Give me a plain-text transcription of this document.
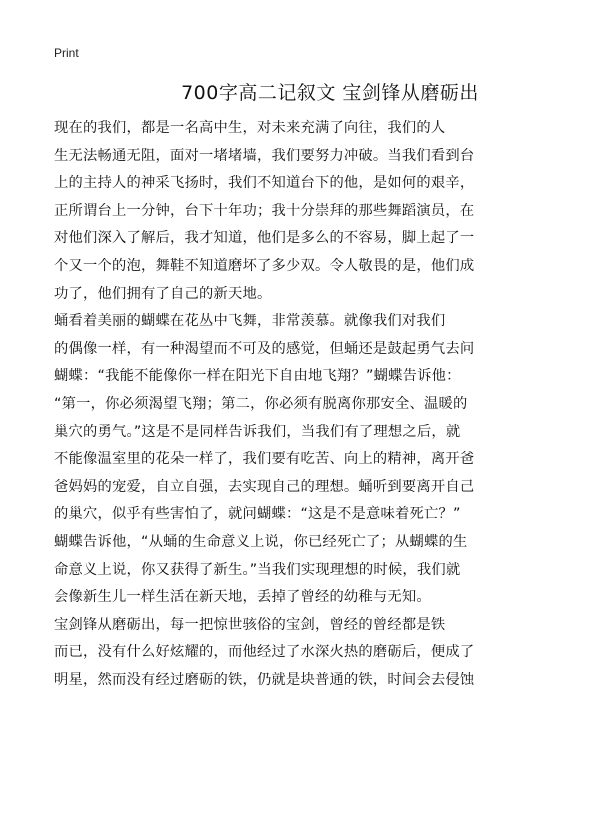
Print
700字高二记叙文 宝剑锋从磨砺出
现在的我们，都是一名高中生，对未来充满了向往，我们的人
生无法畅通无阻，面对一堵堵墙，我们要努力冲破。当我们看到台
上的主持人的神采飞扬时，我们不知道台下的他，是如何的艰辛，
正所谓台上一分钟，台下十年功；我十分崇拜的那些舞蹈演员，在
对他们深入了解后，我才知道，他们是多么的不容易，脚上起了一
个又一个的泡，舞鞋不知道磨坏了多少双。令人敬畏的是，他们成
功了，他们拥有了自己的新天地。
蛹看着美丽的蝴蝶在花丛中飞舞，非常羡慕。就像我们对我们
的偶像一样，有一种渴望而不可及的感觉，但蛹还是鼓起勇气去问
蝴蝶：“我能不能像你一样在阳光下自由地飞翔？”蝴蝶告诉他：
“第一，你必须渴望飞翔；第二，你必须有脱离你那安全、温暖的
巢穴的勇气。”这是不是同样告诉我们，当我们有了理想之后，就
不能像温室里的花朵一样了，我们要有吃苦、向上的精神，离开爸
爸妈妈的宠爱，自立自强，去实现自己的理想。蛹听到要离开自己
的巢穴，似乎有些害怕了，就问蝴蝶：“这是不是意味着死亡？”
蝴蝶告诉他，“从蛹的生命意义上说，你已经死亡了；从蝴蝶的生
命意义上说，你又获得了新生。”当我们实现理想的时候，我们就
会像新生儿一样生活在新天地，丢掉了曾经的幼稚与无知。
宝剑锋从磨砺出，每一把惊世骇俗的宝剑，曾经的曾经都是铁
而已，没有什么好炫耀的，而他经过了水深火热的磨砺后，便成了
明星，然而没有经过磨砺的铁，仍就是块普通的铁，时间会去侵蚀
